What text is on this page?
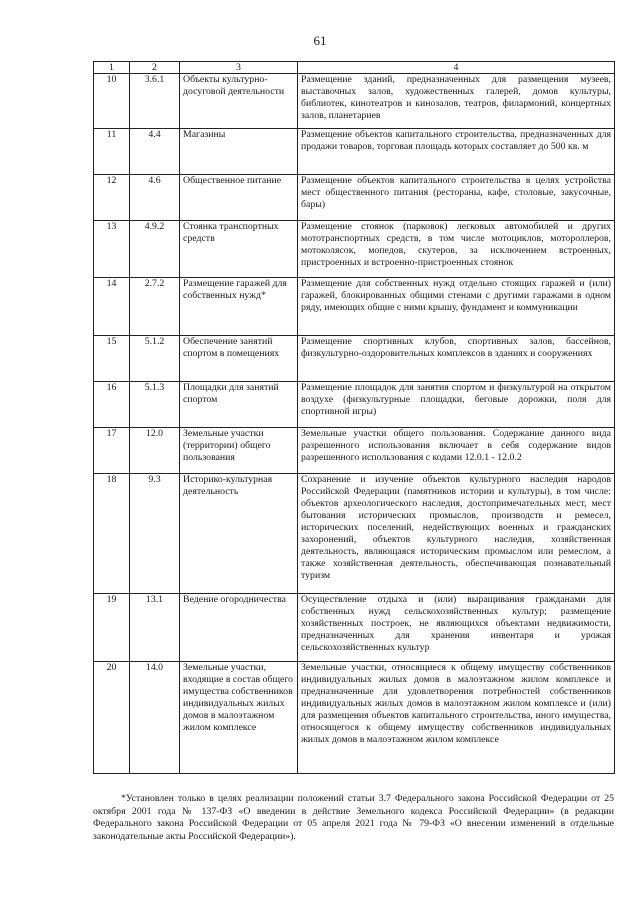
61
1	2	3	4
10	3.6.1	Объекты культурно-досуговой деятельности	Размещение зданий, предназначенных для размещения музеев, выставочных залов, художественных галерей, домов культуры, библиотек, кинотеатров и кинозалов, театров, филармоний, концертных залов, планетариев
11	4.4	Магазины	Размещение объектов капитального строительства, предназначенных для продажи товаров, торговая площадь которых составляет до 500 кв. м
12	4.6	Общественное питание	Размещение объектов капитального строительства в целях устройства мест общественного питания (рестораны, кафе, столовые, закусочные, бары)
13	4.9.2	Стоянка транспортных средств	Размещение стоянок (парковок) легковых автомобилей и других мототранспортных средств, в том числе мотоциклов, мотороллеров, мотоколясок, мопедов, скутеров, за исключением встроенных, пристроенных и встроенно-пристроенных стоянок
14	2.7.2	Размещение гаражей для собственных нужд*	Размещение для собственных нужд отдельно стоящих гаражей и (или) гаражей, блокированных общими стенами с другими гаражами в одном ряду, имеющих общие с ними крышу, фундамент и коммуникации
15	5.1.2	Обеспечение занятий спортом в помещениях	Размещение спортивных клубов, спортивных залов, бассейнов, физкультурно-оздоровительных комплексов в зданиях и сооружениях
16	5.1.3	Площадки для занятий спортом	Размещение площадок для занятия спортом и физкультурой на открытом воздухе (физкультурные площадки, беговые дорожки, поля для спортивной игры)
17	12.0	Земельные участки (территории) общего пользования	Земельные участки общего пользования. Содержание данного вида разрешенного использования включает в себя содержание видов разрешенного использования с кодами 12.0.1 - 12.0.2
18	9.3	Историко-культурная деятельность	Сохранение и изучение объектов культурного наследия народов Российской Федерации (памятников истории и культуры), в том числе: объектов археологического наследия, достопримечательных мест, мест бытования исторических промыслов, производств и ремесел, исторических поселений, недействующих военных и гражданских захоронений, объектов культурного наследия, хозяйственная деятельность, являющаяся историческим промыслом или ремеслом, а также хозяйственная деятельность, обеспечивающая познавательный туризм
19	13.1	Ведение огородничества	Осуществление отдыха и (или) выращивания гражданами для собственных нужд сельскохозяйственных культур; размещение хозяйственных построек, не являющихся объектами недвижимости, предназначенных для хранения инвентаря и урожая сельскохозяйственных культур
20	14.0	Земельные участки, входящие в состав общего имущества собственников индивидуальных жилых домов в малоэтажном жилом комплексе	Земельные участки, относящиеся к общему имуществу собственников индивидуальных жилых домов в малоэтажном жилом комплексе и предназначенные для удовлетворения потребностей собственников индивидуальных жилых домов в малоэтажном жилом комплексе и (или) для размещения объектов капитального строительства, иного имущества, относящегося к общему имуществу собственников индивидуальных жилых домов в малоэтажном жилом комплексе
*Установлен только в целях реализации положений статьи 3.7 Федерального закона Российской Федерации от 25 октября 2001 года № 137-ФЗ «О введении в действие Земельного кодекса Российской Федерации» (в редакции Федерального закона Российской Федерации от 05 апреля 2021 года № 79-ФЗ «О внесении изменений в отдельные законодательные акты Российской Федерации»).
